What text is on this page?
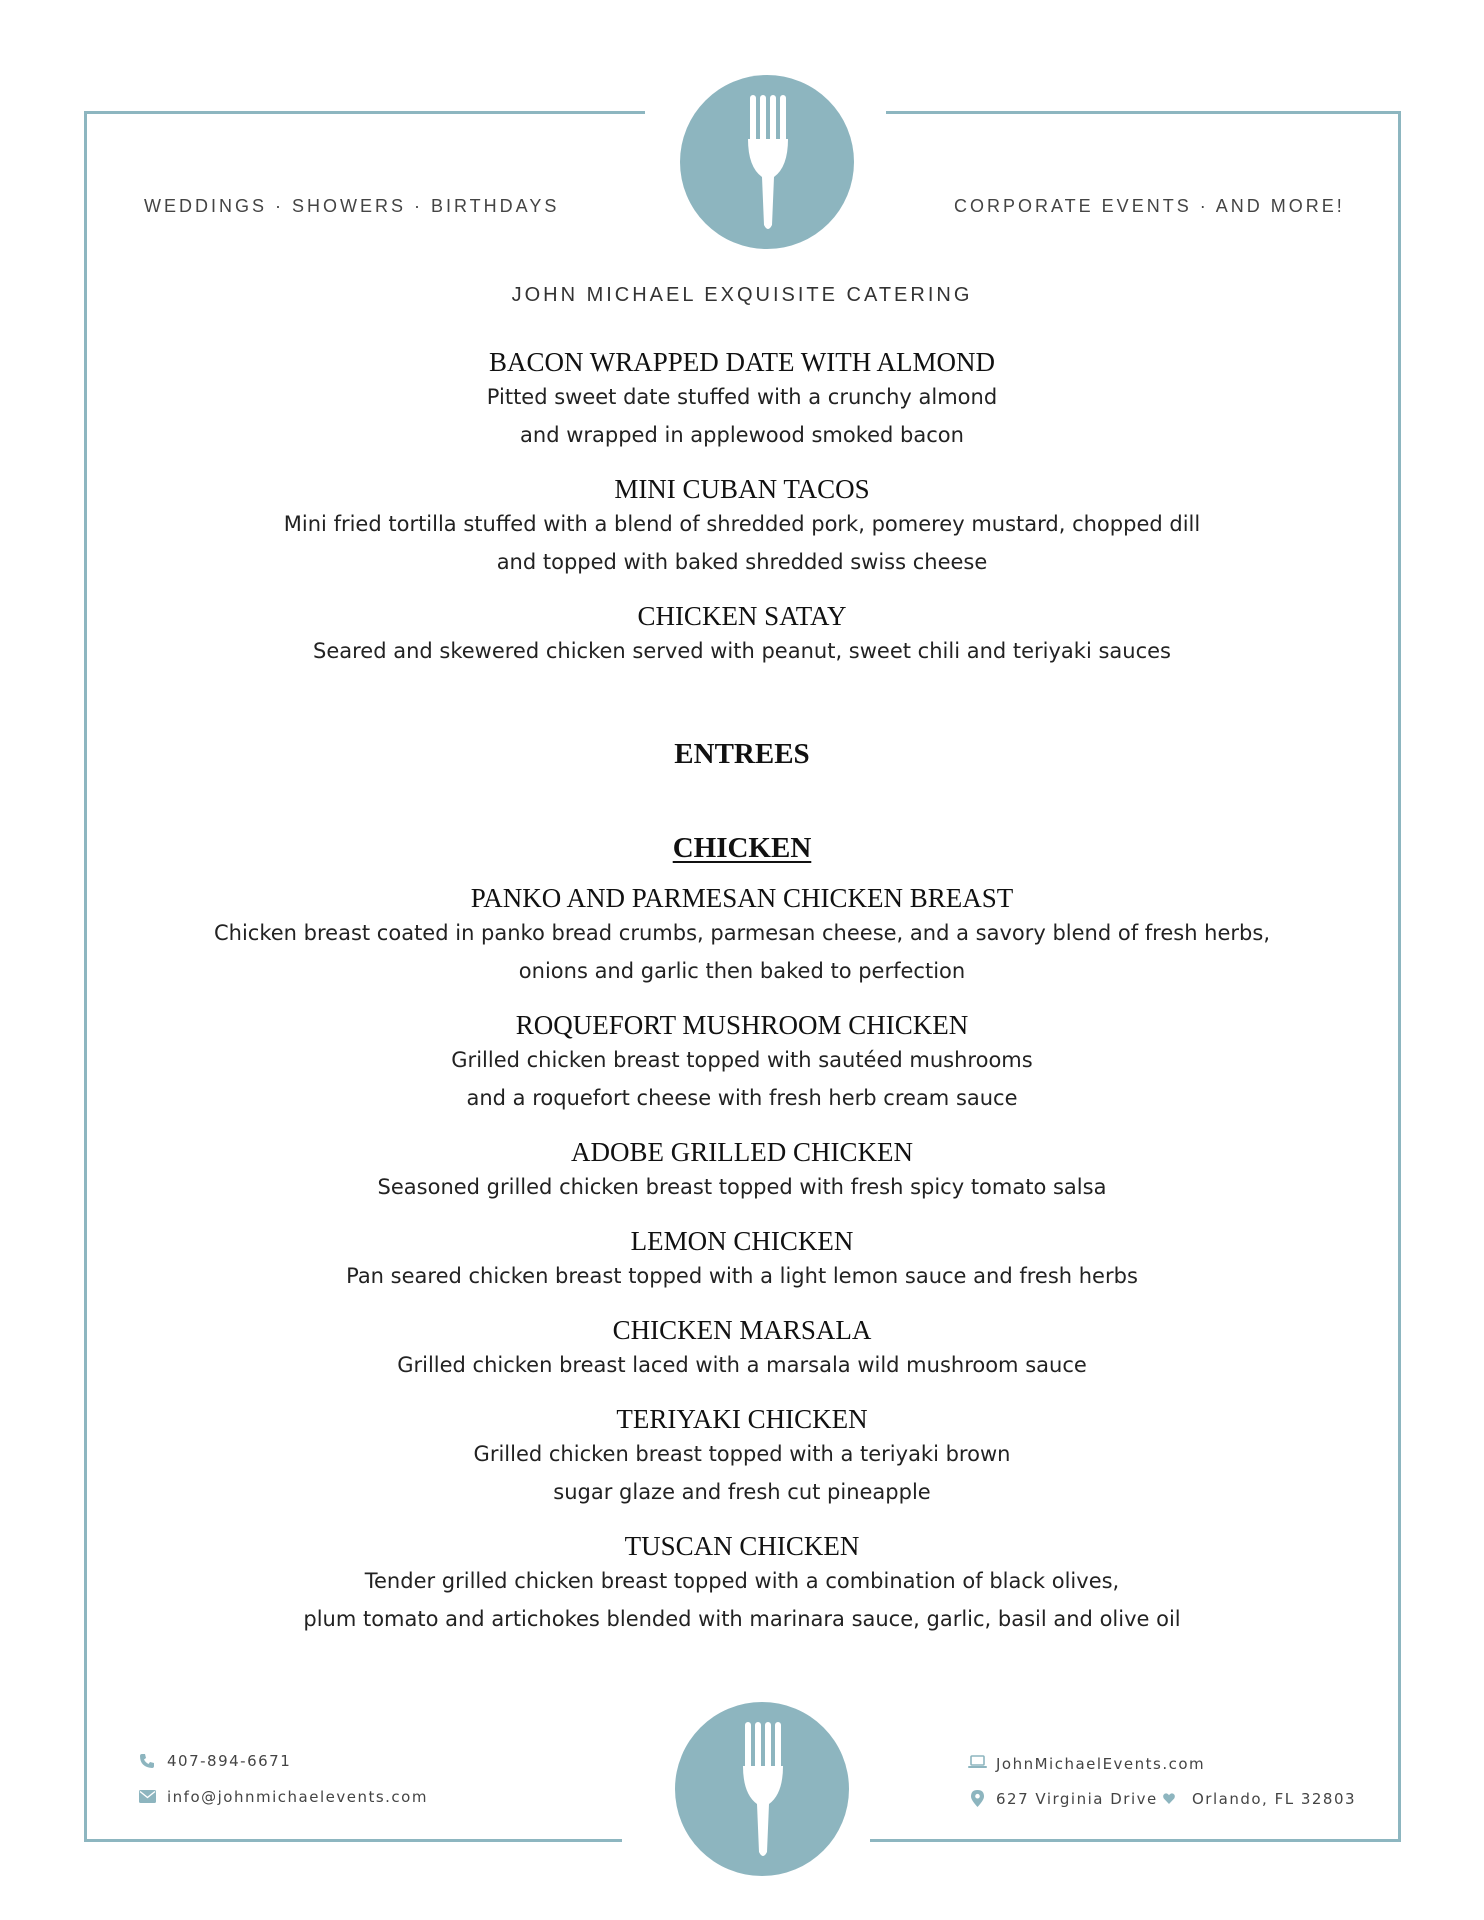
WEDDINGS · SHOWERS · BIRTHDAYS	CORPORATE EVENTS · AND MORE!
JOHN MICHAEL EXQUISITE CATERING

BACON WRAPPED DATE WITH ALMOND

Pitted sweet date stuffed with a crunchy almond

and wrapped in applewood smoked bacon

MINI CUBAN TACOS

Mini fried tortilla stuffed with a blend of shredded pork, pomerey mustard, chopped dill

and topped with baked shredded swiss cheese

CHICKEN SATAY

Seared and skewered chicken served with peanut, sweet chili and teriyaki sauces

ENTREES

CHICKEN

PANKO AND PARMESAN CHICKEN BREAST

Chicken breast coated in panko bread crumbs, parmesan cheese, and a savory blend of fresh herbs,

onions and garlic then baked to perfection

ROQUEFORT MUSHROOM CHICKEN

Grilled chicken breast topped with sautéed mushrooms

and a roquefort cheese with fresh herb cream sauce

ADOBE GRILLED CHICKEN

Seasoned grilled chicken breast topped with fresh spicy tomato salsa

LEMON CHICKEN

Pan seared chicken breast topped with a light lemon sauce and fresh herbs

CHICKEN MARSALA

Grilled chicken breast laced with a marsala wild mushroom sauce

TERIYAKI CHICKEN

Grilled chicken breast topped with a teriyaki brown

sugar glaze and fresh cut pineapple

TUSCAN CHICKEN

Tender grilled chicken breast topped with a combination of black olives,

plum tomato and artichokes blended with marinara sauce, garlic, basil and olive oil

407-894-6671
info@johnmichaelevents.com
JohnMichaelEvents.com
627 Virginia Drive Orlando, FL 32803
